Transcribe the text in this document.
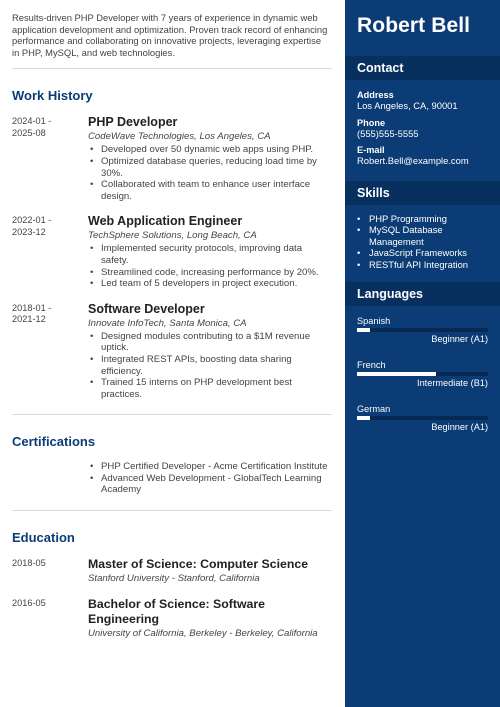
Results-driven PHP Developer with 7 years of experience in dynamic web application development and optimization. Proven track record of enhancing performance and collaborating on innovative projects, leveraging expertise in PHP, MySQL, and web technologies.

Work History
2024-01 -
2025-08
PHP Developer
CodeWave Technologies, Los Angeles, CA
• Developed over 50 dynamic web apps using PHP.
• Optimized database queries, reducing load time by 30%.
• Collaborated with team to enhance user interface design.
2022-01 -
2023-12
Web Application Engineer
TechSphere Solutions, Long Beach, CA
• Implemented security protocols, improving data safety.
• Streamlined code, increasing performance by 20%.
• Led team of 5 developers in project execution.
2018-01 -
2021-12
Software Developer
Innovate InfoTech, Santa Monica, CA
• Designed modules contributing to a $1M revenue uptick.
• Integrated REST APIs, boosting data sharing efficiency.
• Trained 15 interns on PHP development best practices.
Certifications
• PHP Certified Developer - Acme Certification Institute
• Advanced Web Development - GlobalTech Learning Academy
Education
2018-05	Master of Science: Computer Science
Stanford University - Stanford, California
2016-05	Bachelor of Science: Software Engineering
University of California, Berkeley - Berkeley, California
Robert Bell
Contact
Address
Los Angeles, CA, 90001
Phone
(555)555-5555
E-mail
Robert.Bell@example.com
Skills
• PHP Programming
• MySQL Database Management
• JavaScript Frameworks
• RESTful API Integration
Languages
Spanish
Beginner (A1)
French
Intermediate (B1)
German
Beginner (A1)
